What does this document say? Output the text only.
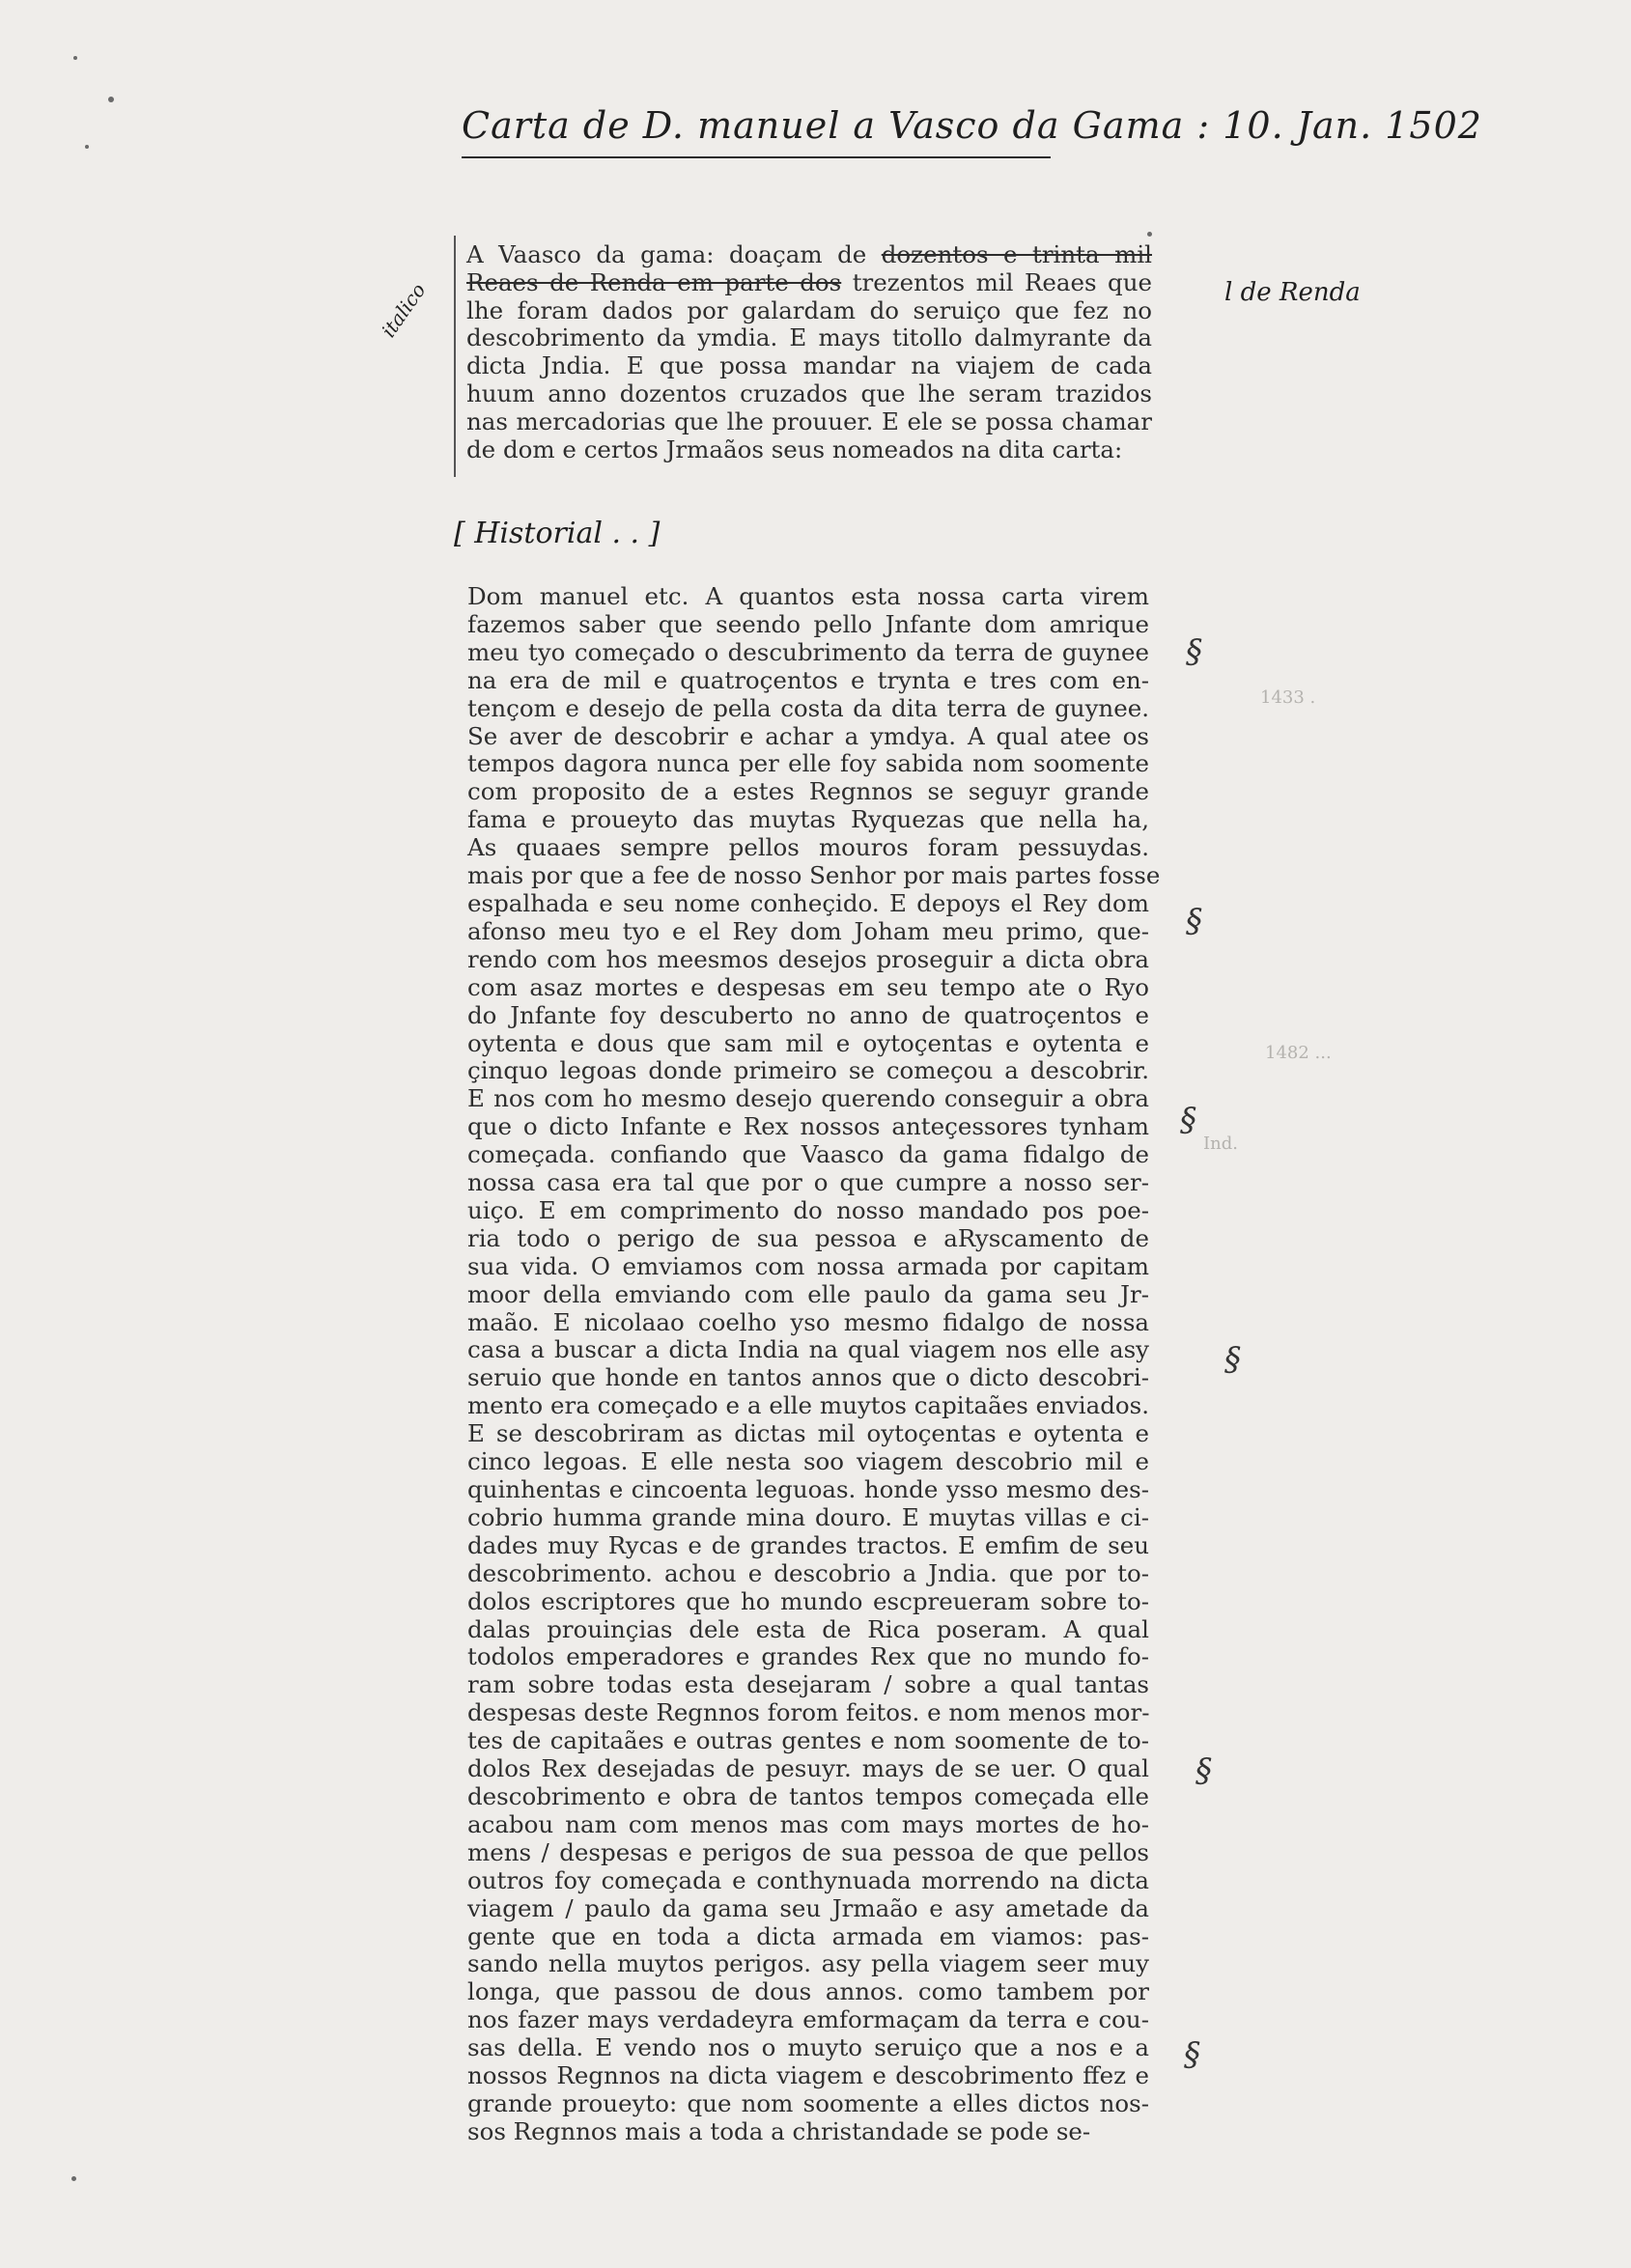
Carta de D. manuel a Vasco da Gama : 10. Jan. 1502
l de Renda
italico
A Vaasco da gama: doaçam de dozentos e trinta mil
Reaes de Renda em parte dos trezentos mil Reaes que
lhe foram dados por galardam do seruiço que fez no
descobrimento da ymdia. E mays titollo dalmyrante da
dicta Jndia. E que possa mandar na viajem de cada
huum anno dozentos cruzados que lhe seram trazidos
nas mercadorias que lhe prouuer. E ele se possa chamar
de dom e certos Jrmaãos seus nomeados na dita carta:
[ Historial . . ]
Dom manuel etc. A quantos esta nossa carta virem
fazemos saber que seendo pello Jnfante dom amrique
meu tyo começado o descubrimento da terra de guynee
na era de mil e quatroçentos e trynta e tres com en-
tençom e desejo de pella costa da dita terra de guynee.
Se aver de descobrir e achar a ymdya. A qual atee os
tempos dagora nunca per elle foy sabida nom soomente
com proposito de a estes Regnnos se seguyr grande
fama e proueyto das muytas Ryquezas que nella ha,
As quaaes sempre pellos mouros foram pessuydas.
mais por que a fee de nosso Senhor por mais partes fosse
espalhada e seu nome conheçido. E depoys el Rey dom
afonso meu tyo e el Rey dom Joham meu primo, que-
rendo com hos meesmos desejos proseguir a dicta obra
com asaz mortes e despesas em seu tempo ate o Ryo
do Jnfante foy descuberto no anno de quatroçentos e
oytenta e dous que sam mil e oytoçentas e oytenta e
çinquo legoas donde primeiro se começou a descobrir.
E nos com ho mesmo desejo querendo conseguir a obra
que o dicto Infante e Rex nossos anteçessores tynham
começada. confiando que Vaasco da gama fidalgo de
nossa casa era tal que por o que cumpre a nosso ser-
uiço. E em comprimento do nosso mandado pos poe-
ria todo o perigo de sua pessoa e aRyscamento de
sua vida. O emviamos com nossa armada por capitam
moor della emviando com elle paulo da gama seu Jr-
maão. E nicolaao coelho yso mesmo fidalgo de nossa
casa a buscar a dicta India na qual viagem nos elle asy
seruio que honde en tantos annos que o dicto descobri-
mento era começado e a elle muytos capitaães enviados.
E se descobriram as dictas mil oytoçentas e oytenta e
cinco legoas. E elle nesta soo viagem descobrio mil e
quinhentas e cincoenta leguoas. honde ysso mesmo des-
cobrio humma grande mina douro. E muytas villas e ci-
dades muy Rycas e de grandes tractos. E emfim de seu
descobrimento. achou e descobrio a Jndia. que por to-
dolos escriptores que ho mundo escpreueram sobre to-
dalas prouinçias dele esta de Rica poseram. A qual
todolos emperadores e grandes Rex que no mundo fo-
ram sobre todas esta desejaram / sobre a qual tantas
despesas deste Regnnos forom feitos. e nom menos mor-
tes de capitaães e outras gentes e nom soomente de to-
dolos Rex desejadas de pesuyr. mays de se uer. O qual
descobrimento e obra de tantos tempos começada elle
acabou nam com menos mas com mays mortes de ho-
mens / despesas e perigos de sua pessoa de que pellos
outros foy começada e conthynuada morrendo na dicta
viagem / paulo da gama seu Jrmaão e asy ametade da
gente que en toda a dicta armada em viamos: pas-
sando nella muytos perigos. asy pella viagem seer muy
longa, que passou de dous annos. como tambem por
nos fazer mays verdadeyra emformaçam da terra e cou-
sas della. E vendo nos o muyto seruiço que a nos e a
nossos Regnnos na dicta viagem e descobrimento ffez e
grande proueyto: que nom soomente a elles dictos nos-
sos Regnnos mais a toda a christandade se pode se-
§
§
§
§
§
§
1433 .
1482 ...
Ind.
